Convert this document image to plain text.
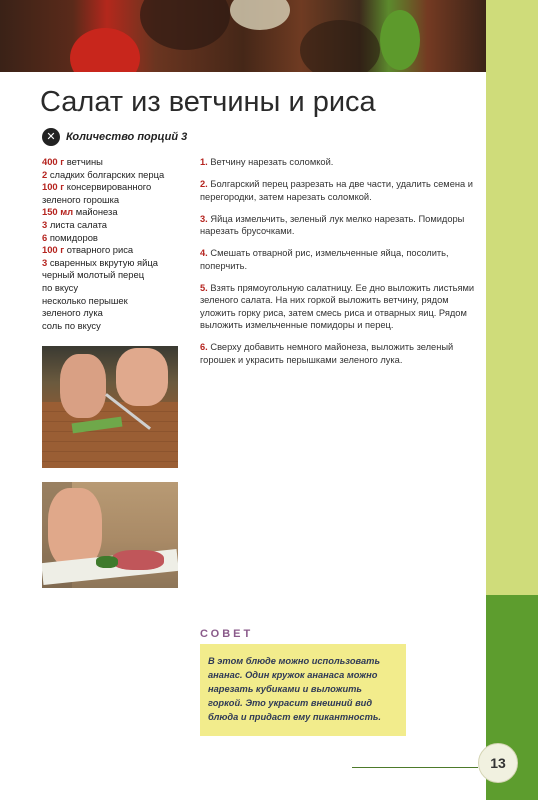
Салат из ветчины и риса
✕ Количество порций 3
400 г ветчины
2 сладких болгарских перца
100 г консервированного
зеленого горошка
150 мл майонеза
3 листа салата
6 помидоров
100 г отварного риса
3 сваренных вкрутую яйца
черный молотый перец
по вкусу
несколько перышек
зеленого лука
соль по вкусу
1. Ветчину нарезать соломкой.
2. Болгарский перец разрезать на две части, удалить семена и перегородки, затем нарезать соломкой.
3. Яйца измельчить, зеленый лук мелко нарезать. Помидоры нарезать брусочками.
4. Смешать отварной рис, измельченные яйца, посолить, поперчить.
5. Взять прямоугольную салатницу. Ее дно выложить листьями зеленого салата. На них горкой выложить ветчину, рядом уложить горку риса, затем смесь риса и отварных яиц. Рядом выложить измельченные помидоры и перец.
6. Сверху добавить немного майонеза, выложить зеленый горошек и украсить перышками зеленого лука.
СОВЕТ
В этом блюде можно использовать ананас. Один кружок ананаса можно нарезать кубиками и выложить горкой. Это украсит внешний вид блюда и придаст ему пикантность.
13
